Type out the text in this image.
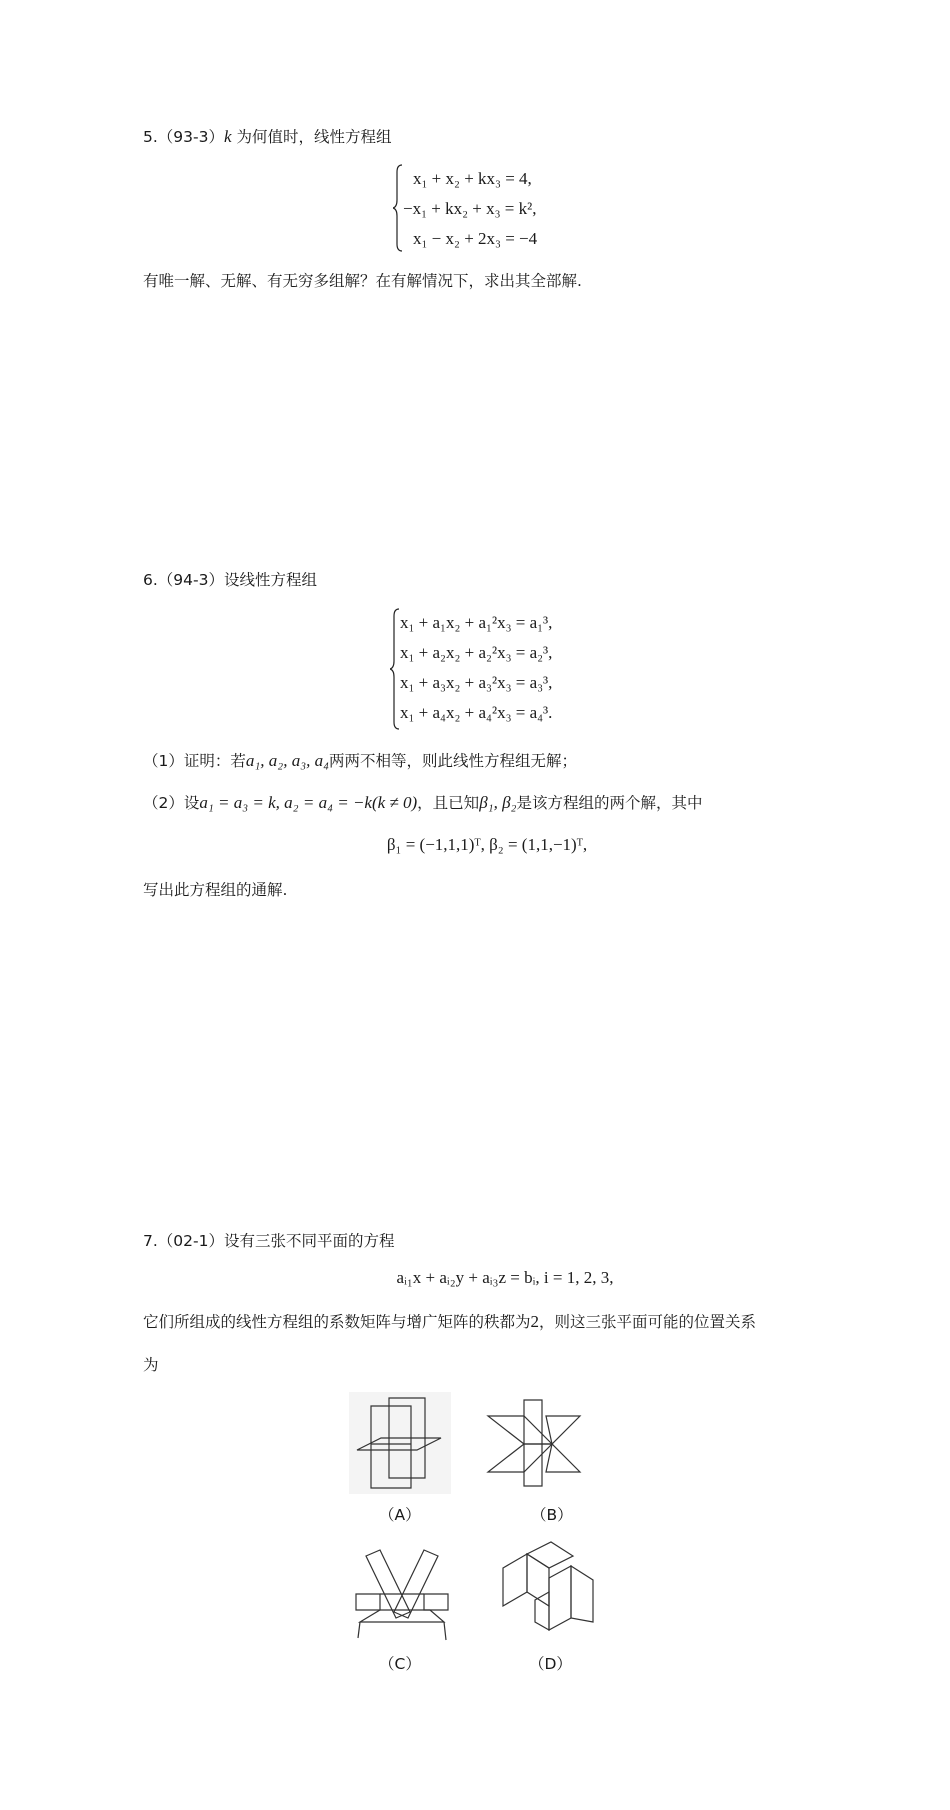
5.（93-3）k 为何值时，线性方程组
x₁ + x₂ + kx₃ = 4,
−x₁ + kx₂ + x₃ = k²,
x₁ − x₂ + 2x₃ = −4
有唯一解、无解、有无穷多组解？在有解情况下，求出其全部解.
6.（94-3）设线性方程组
x₁ + a₁x₂ + a₁²x₃ = a₁³,
x₁ + a₂x₂ + a₂²x₃ = a₂³,
x₁ + a₃x₂ + a₃²x₃ = a₃³,
x₁ + a₄x₂ + a₄²x₃ = a₄³.
（1）证明：若a₁, a₂, a₃, a₄两两不相等，则此线性方程组无解；
（2）设a₁ = a₃ = k, a₂ = a₄ = −k(k ≠ 0)，且已知β₁, β₂是该方程组的两个解，其中
β₁ = (−1,1,1)ᵀ, β₂ = (1,1,−1)ᵀ,
写出此方程组的通解.
7.（02-1）设有三张不同平面的方程
aᵢ₁x + aᵢ₂y + aᵢ₃z = bᵢ, i = 1, 2, 3,
它们所组成的线性方程组的系数矩阵与增广矩阵的秩都为2，则这三张平面可能的位置关系
为
（A）	（B）
（C）	（D）
